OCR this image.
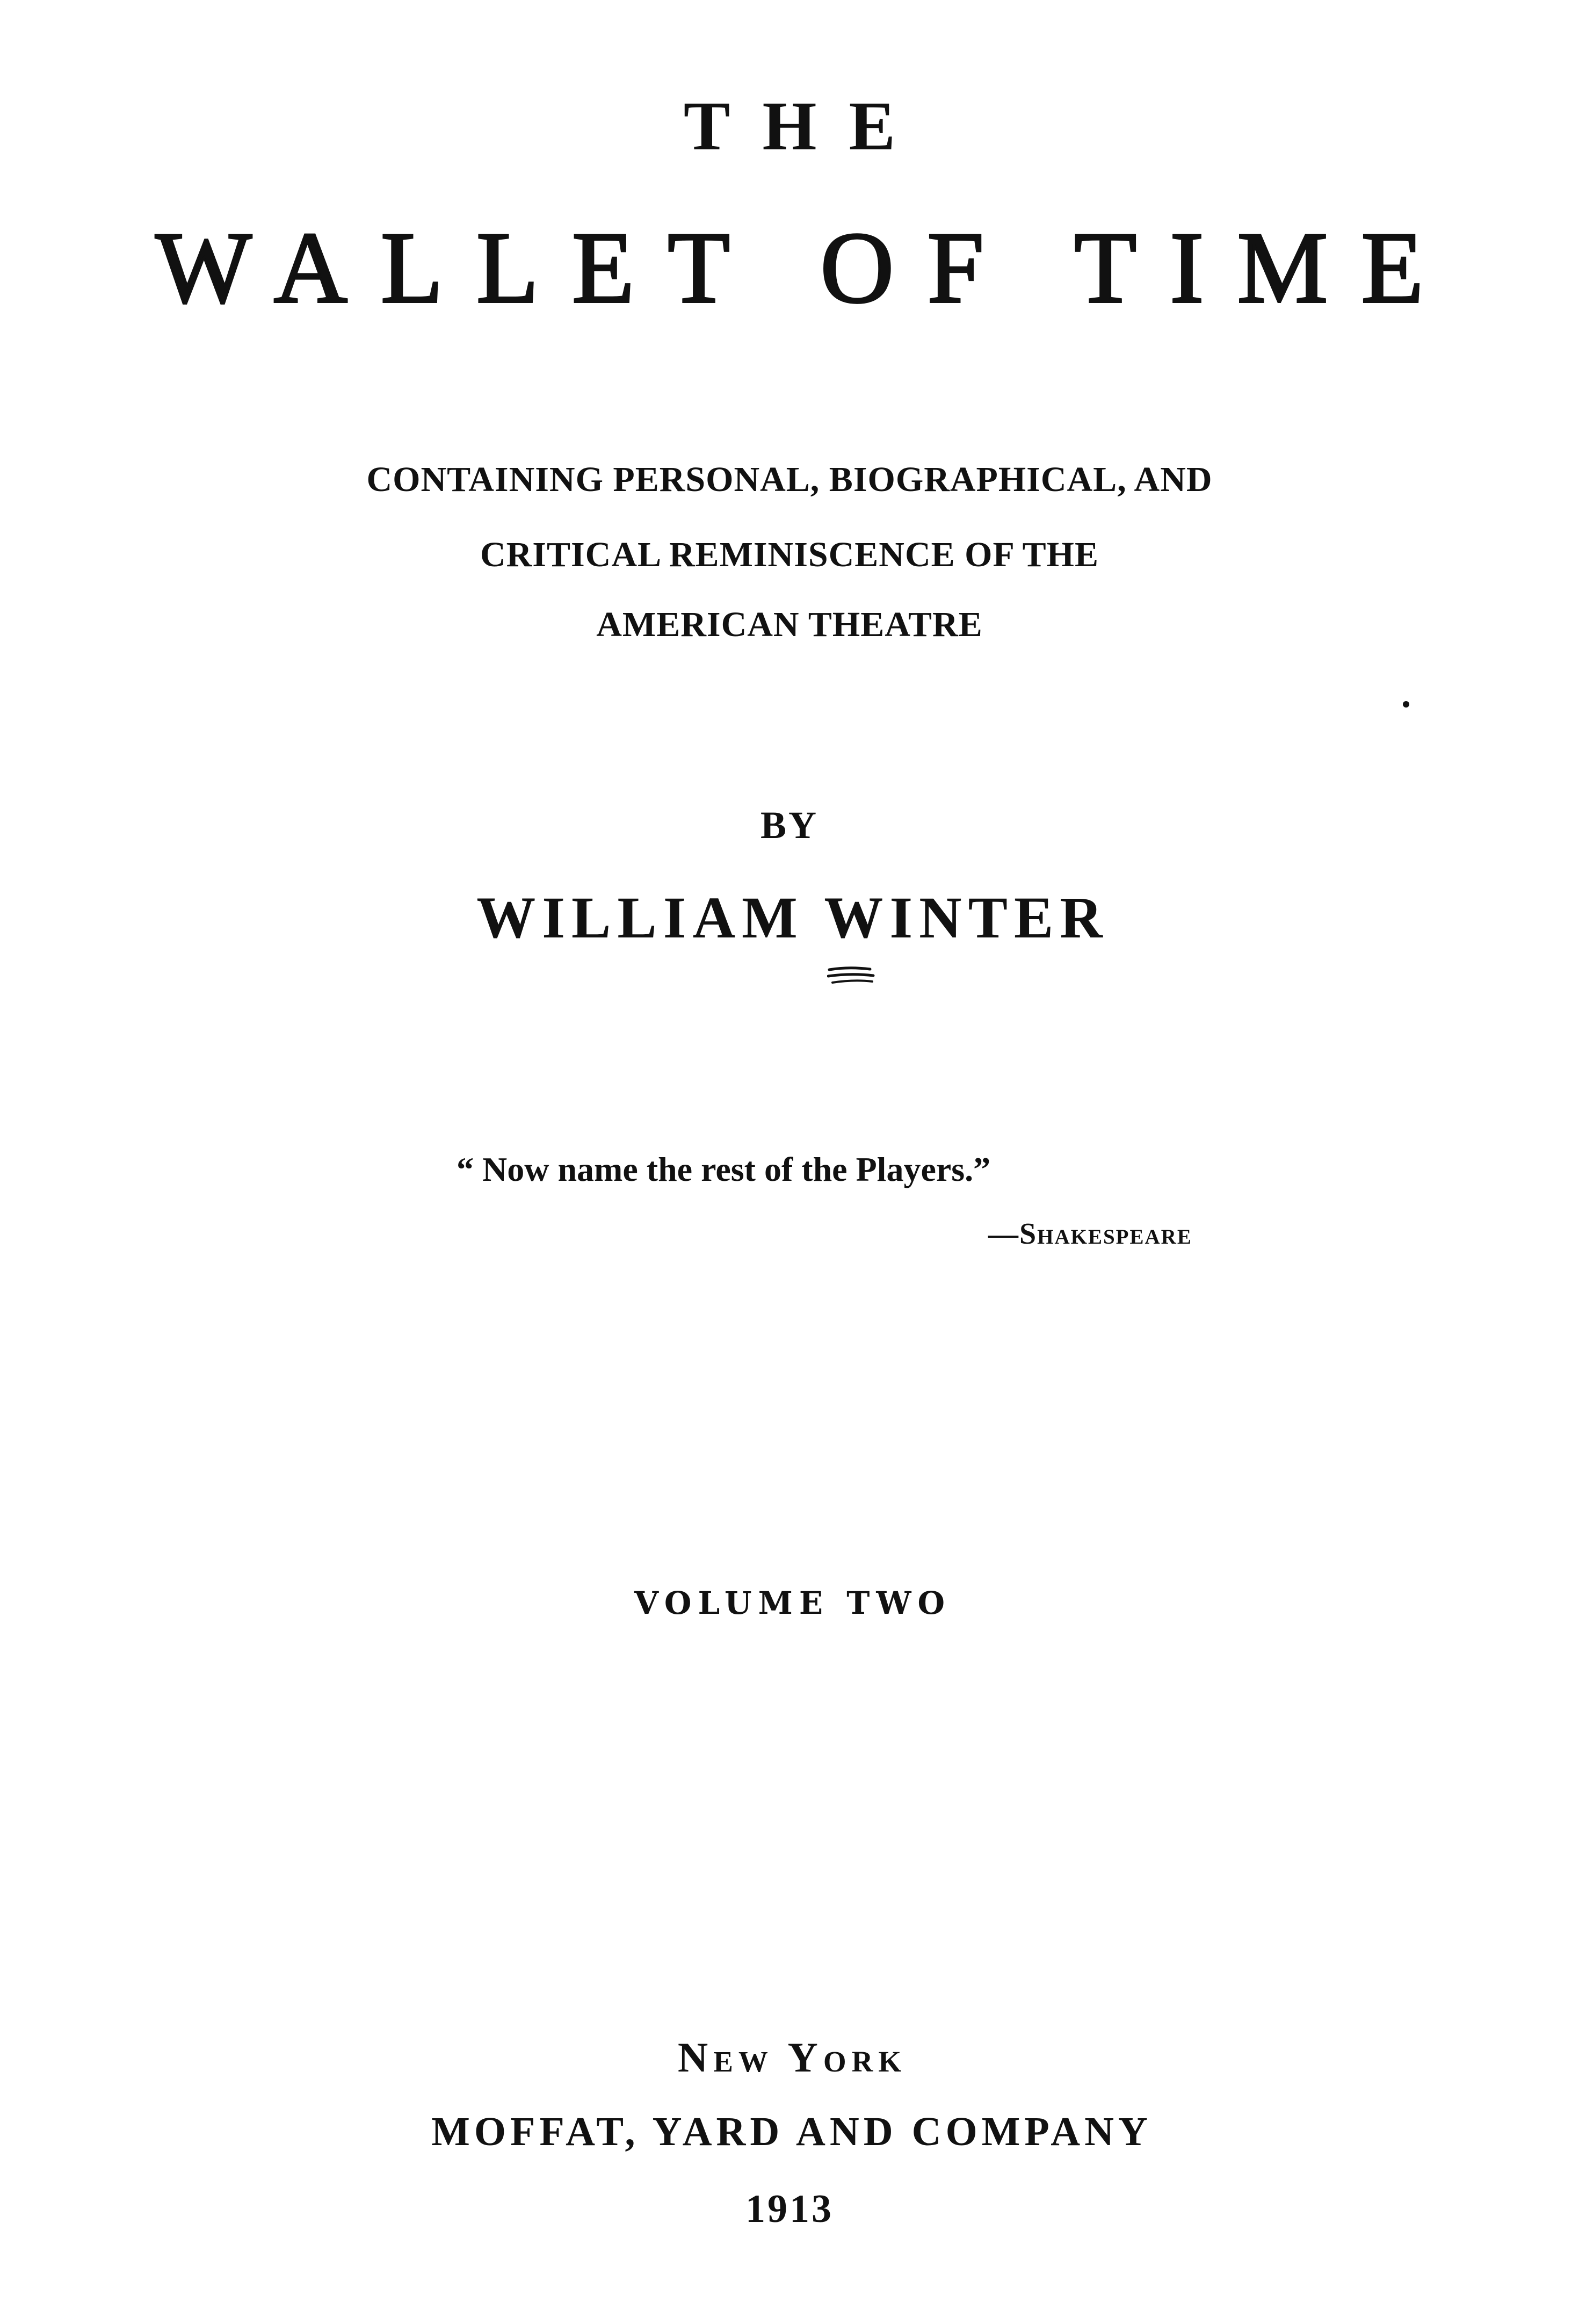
THE
WALLET OF TIME
CONTAINING PERSONAL, BIOGRAPHICAL, AND
CRITICAL REMINISCENCE OF THE
AMERICAN THEATRE
BY
WILLIAM WINTER
“ Now name the rest of the Players.”
—Shakespeare
VOLUME TWO
New York
MOFFAT, YARD AND COMPANY
1913
